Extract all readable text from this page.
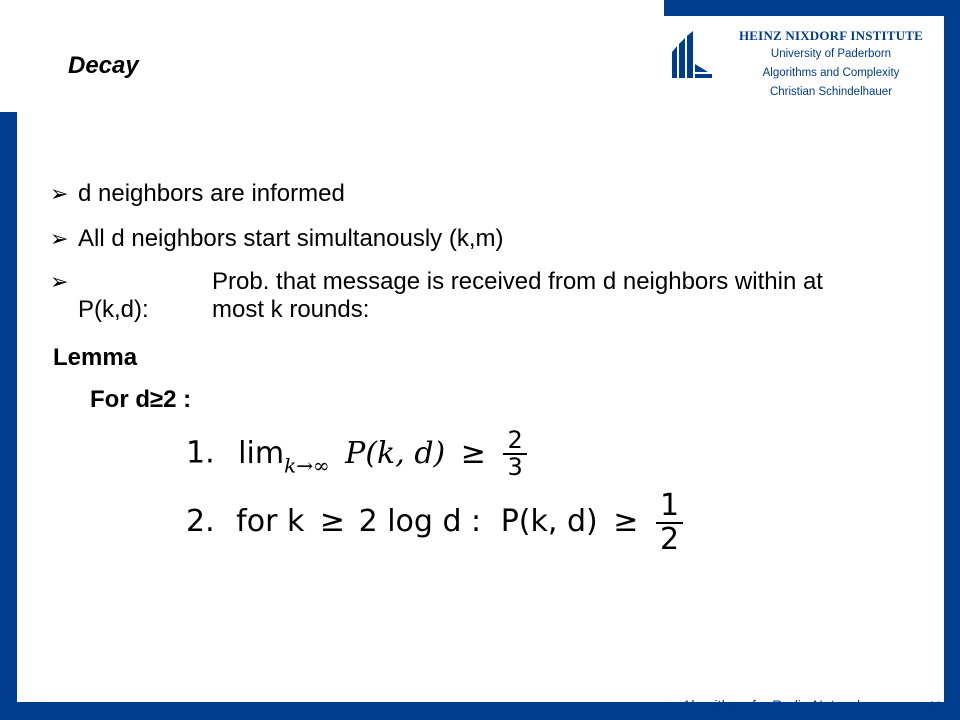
HEINZ NIXDORF INSTITUTE
University of Paderborn
Algorithms and Complexity
Christian Schindelhauer
Decay
➢ d neighbors are informed
➢ All d neighbors start simultanously (k,m)
➢
P(k,d):Prob. that message is received from d neighbors within at most k rounds:
Lemma
For d≥2 :
1. $\lim_{k\to\infty} P(k$, $d) \ge \frac{2}{3}$
2. for k ≥ 2 log d : P(k, $d) \ge \frac{1}{2}$
Algorithms for Radio Networks	11
